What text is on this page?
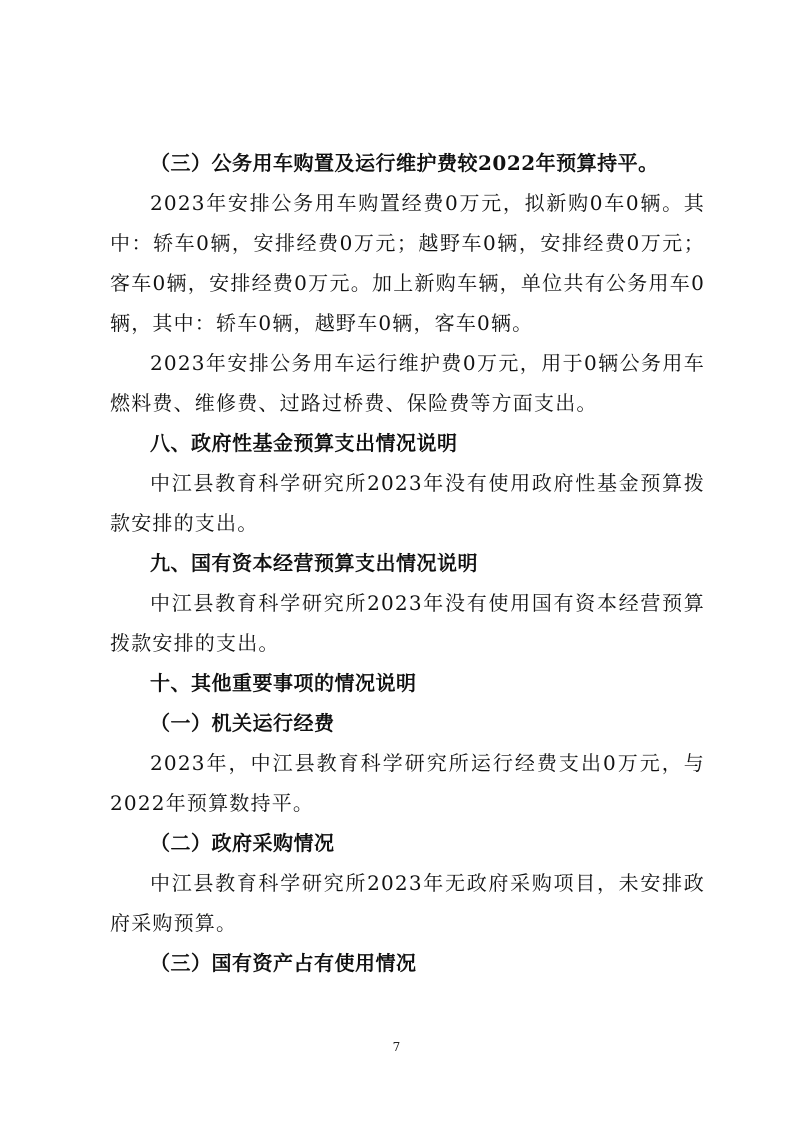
（三）公务用车购置及运行维护费较2022年预算持平。

2023年安排公务用车购置经费0万元，拟新购0车0辆。其中：轿车0辆，安排经费0万元；越野车0辆，安排经费0万元；客车0辆，安排经费0万元。加上新购车辆，单位共有公务用车0辆，其中：轿车0辆，越野车0辆，客车0辆。

2023年安排公务用车运行维护费0万元，用于0辆公务用车燃料费、维修费、过路过桥费、保险费等方面支出。

八、政府性基金预算支出情况说明

中江县教育科学研究所2023年没有使用政府性基金预算拨款安排的支出。

九、国有资本经营预算支出情况说明

中江县教育科学研究所2023年没有使用国有资本经营预算拨款安排的支出。

十、其他重要事项的情况说明

（一）机关运行经费

2023年，中江县教育科学研究所运行经费支出0万元，与2022年预算数持平。

（二）政府采购情况

中江县教育科学研究所2023年无政府采购项目，未安排政府采购预算。

（三）国有资产占有使用情况

7
